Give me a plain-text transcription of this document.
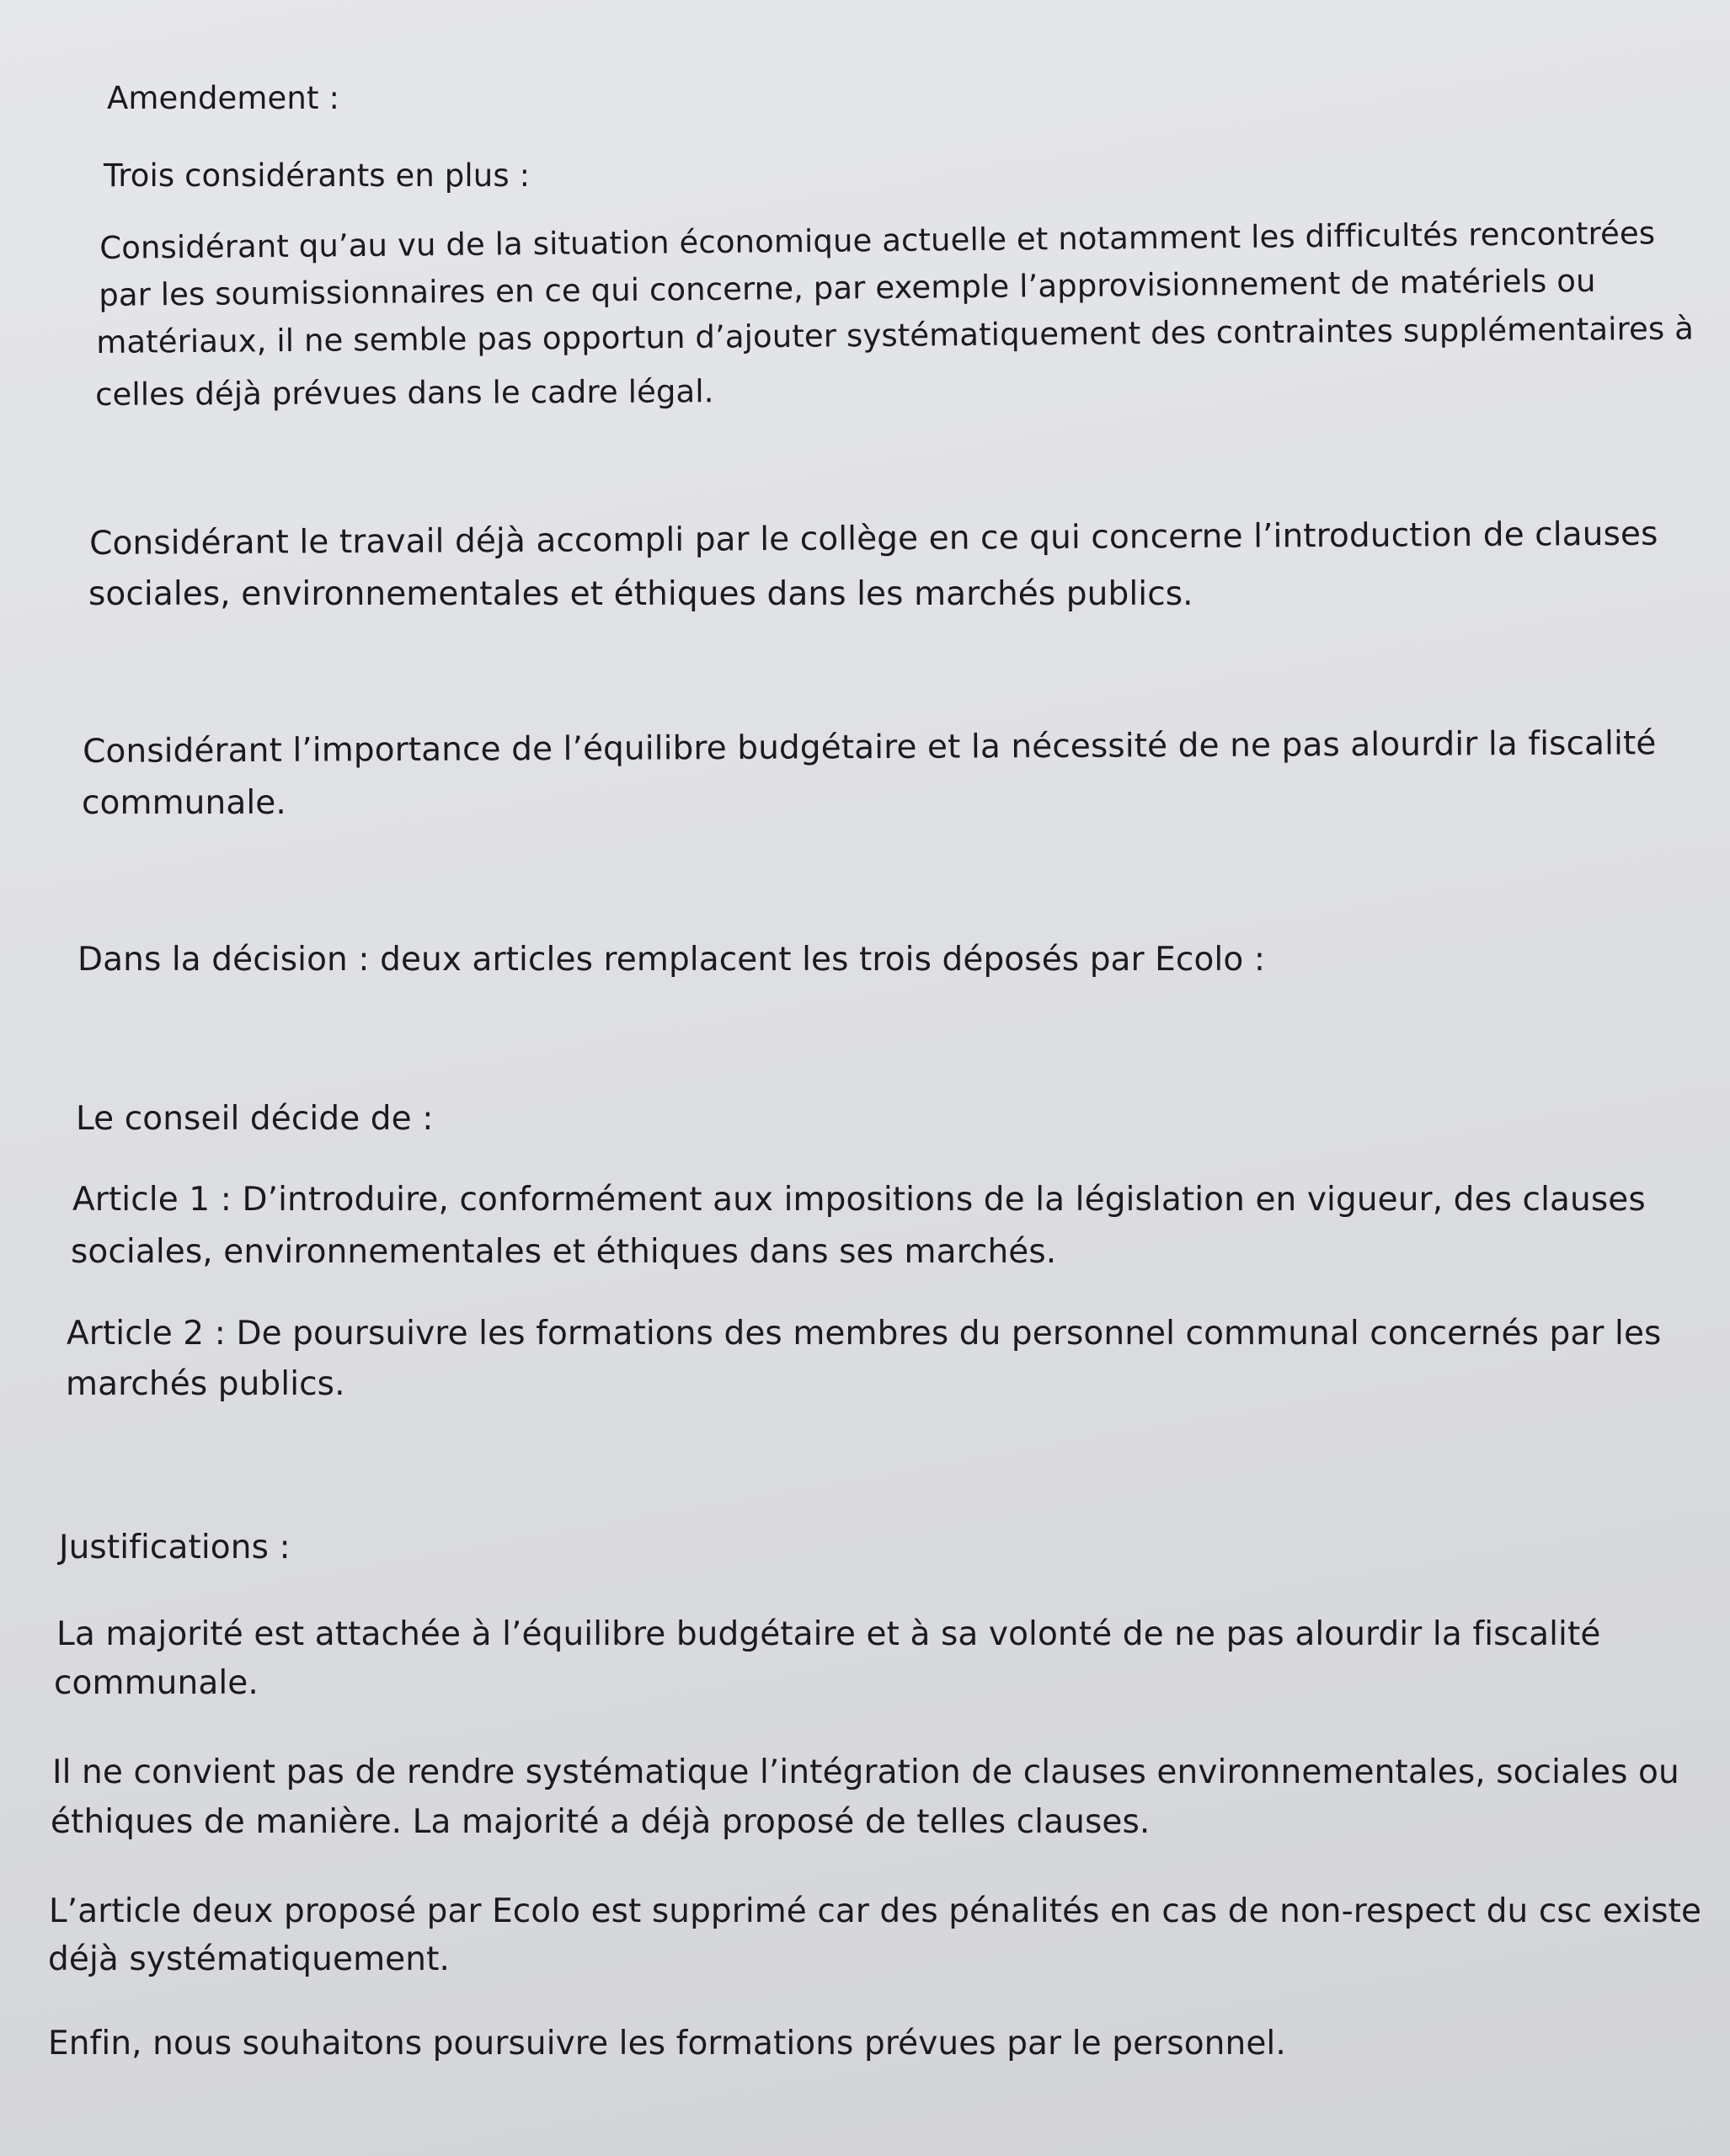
Amendement :

Trois considérants en plus :

Considérant qu’au vu de la situation économique actuelle et notamment les difficultés rencontrées

par les soumissionnaires en ce qui concerne, par exemple l’approvisionnement de matériels ou

matériaux, il ne semble pas opportun d’ajouter systématiquement des contraintes supplémentaires à

celles déjà prévues dans le cadre légal.

Considérant le travail déjà accompli par le collège en ce qui concerne l’introduction de clauses

sociales, environnementales et éthiques dans les marchés publics.

Considérant l’importance de l’équilibre budgétaire et la nécessité de ne pas alourdir la fiscalité

communale.

Dans la décision : deux articles remplacent les trois déposés par Ecolo :

Le conseil décide de :

Article 1 : D’introduire, conformément aux impositions de la législation en vigueur, des clauses

sociales, environnementales et éthiques dans ses marchés.

Article 2 : De poursuivre les formations des membres du personnel communal concernés par les

marchés publics.

Justifications :

La majorité est attachée à l’équilibre budgétaire et à sa volonté de ne pas alourdir la fiscalité

communale.

Il ne convient pas de rendre systématique l’intégration de clauses environnementales, sociales ou

éthiques de manière. La majorité a déjà proposé de telles clauses.

L’article deux proposé par Ecolo est supprimé car des pénalités en cas de non-respect du csc existe

déjà systématiquement.

Enfin, nous souhaitons poursuivre les formations prévues par le personnel.
